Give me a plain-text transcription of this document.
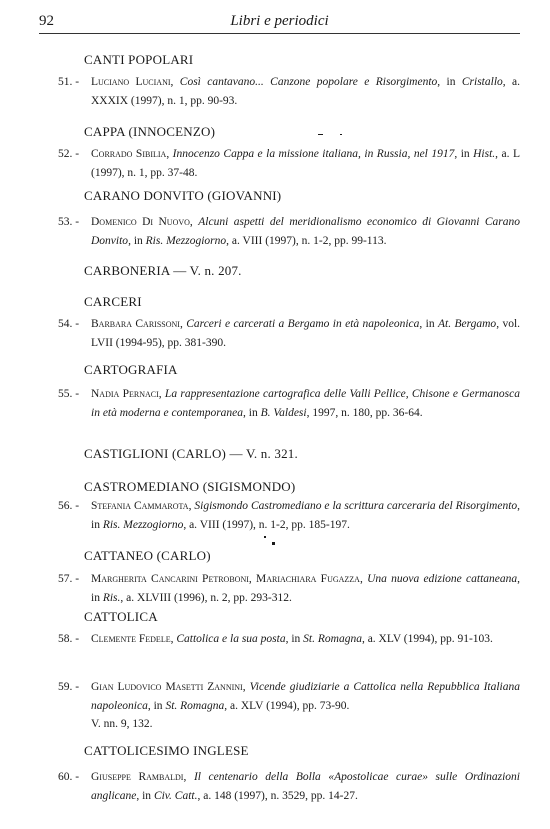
92	Libri e periodici
CANTI POPOLARI
51. -	Luciano Luciani, Così cantavano... Canzone popolare e Risorgimento, in Cristallo, a. XXXIX (1997), n. 1, pp. 90-93.
CAPPA (INNOCENZO)
52. -	Corrado Sibilia, Innocenzo Cappa e la missione italiana, in Russia, nel 1917, in Hist., a. L (1997), n. 1, pp. 37-48.
CARANO DONVITO (GIOVANNI)
53. -	Domenico Di Nuovo, Alcuni aspetti del meridionalismo economico di Giovanni Carano Donvito, in Ris. Mezzogiorno, a. VIII (1997), n. 1-2, pp. 99-113.
CARBONERIA — V. n. 207.
CARCERI
54. -	Barbara Carissoni, Carceri e carcerati a Bergamo in età napoleonica, in At. Bergamo, vol. LVII (1994-95), pp. 381-390.
CARTOGRAFIA
55. -	Nadia Pernaci, La rappresentazione cartografica delle Valli Pellice, Chisone e Germanosca in età moderna e contemporanea, in B. Valdesi, 1997, n. 180, pp. 36-64.
CASTIGLIONI (CARLO) — V. n. 321.
CASTROMEDIANO (SIGISMONDO)
56. -	Stefania Cammarota, Sigismondo Castromediano e la scrittura carceraria del Risorgimento, in Ris. Mezzogiorno, a. VIII (1997), n. 1-2, pp. 185-197.
CATTANEO (CARLO)
57. -	Margherita Cancarini Petroboni, Mariachiara Fugazza, Una nuova edizione cattaneana, in Ris., a. XLVIII (1996), n. 2, pp. 293-312.
CATTOLICA
58. -	Clemente Fedele, Cattolica e la sua posta, in St. Romagna, a. XLV (1994), pp. 91-103.
59. -	Gian Ludovico Masetti Zannini, Vicende giudiziarie a Cattolica nella Repubblica Italiana napoleonica, in St. Romagna, a. XLV (1994), pp. 73-90.
V. nn. 9, 132.
CATTOLICESIMO INGLESE
60. -	Giuseppe Rambaldi, Il centenario della Bolla «Apostolicae curae» sulle Ordinazioni anglicane, in Civ. Catt., a. 148 (1997), n. 3529, pp. 14-27.
